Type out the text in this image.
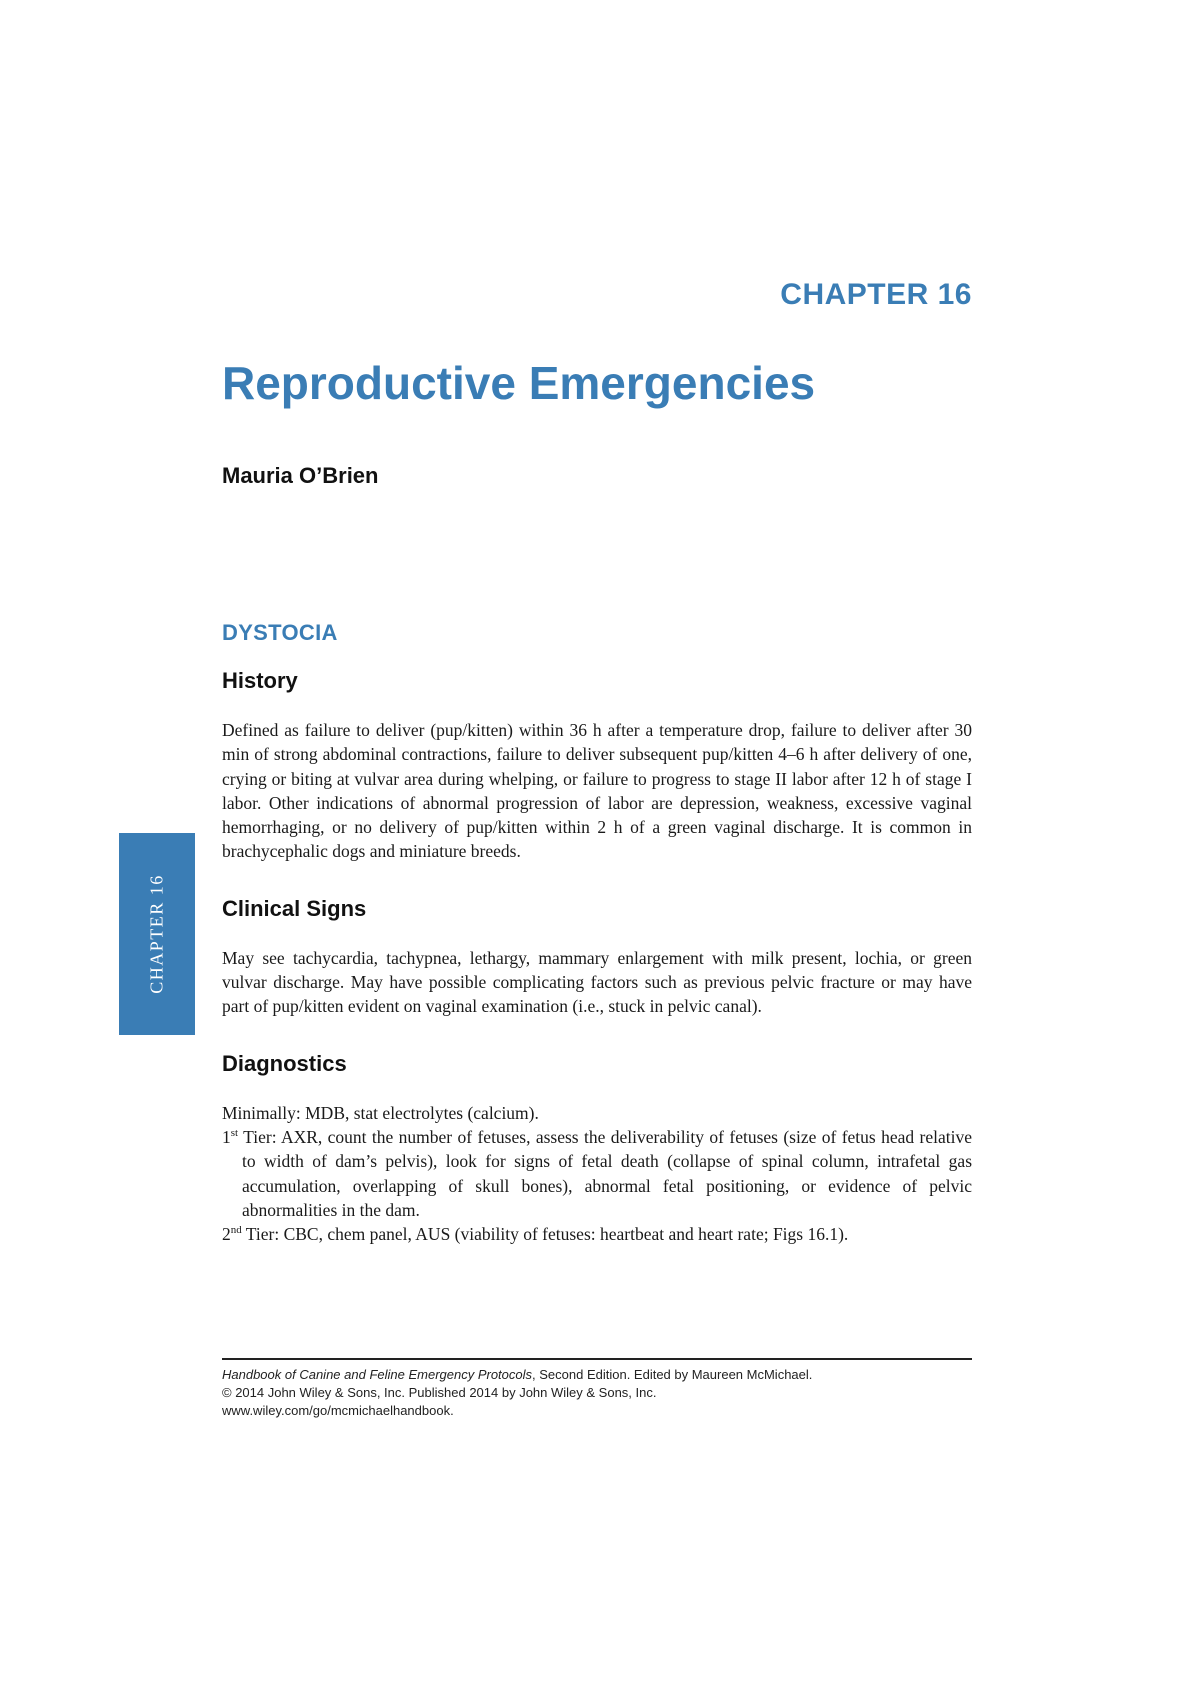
CHAPTER 16
Reproductive Emergencies
Mauria O’Brien
CHAPTER 16
DYSTOCIA
History

Defined as failure to deliver (pup/kitten) within 36 h after a temperature drop, failure to deliver after 30 min of strong abdominal contractions, failure to deliver subsequent pup/kitten 4–6 h after delivery of one, crying or biting at vulvar area during whelping, or failure to progress to stage II labor after 12 h of stage I labor. Other indications of abnormal progression of labor are depression, weakness, excessive vaginal hemorrhaging, or no delivery of pup/kitten within 2 h of a green vaginal discharge. It is common in brachycephalic dogs and miniature breeds.

Clinical Signs

May see tachycardia, tachypnea, lethargy, mammary enlargement with milk present, lochia, or green vulvar discharge. May have possible complicating factors such as previous pelvic fracture or may have part of pup/kitten evident on vaginal examination (i.e., stuck in pelvic canal).

Diagnostics
Minimally: MDB, stat electrolytes (calcium).
1st Tier: AXR, count the number of fetuses, assess the deliverability of fetuses (size of fetus head relative to width of dam’s pelvis), look for signs of fetal death (collapse of spinal column, intrafetal gas accumulation, overlapping of skull bones), abnormal fetal positioning, or evidence of pelvic abnormalities in the dam.
2nd Tier: CBC, chem panel, AUS (viability of fetuses: heartbeat and heart rate; Figs 16.1).
Handbook of Canine and Feline Emergency Protocols, Second Edition. Edited by Maureen McMichael.
© 2014 John Wiley & Sons, Inc. Published 2014 by John Wiley & Sons, Inc.
www.wiley.com/go/mcmichaelhandbook.
